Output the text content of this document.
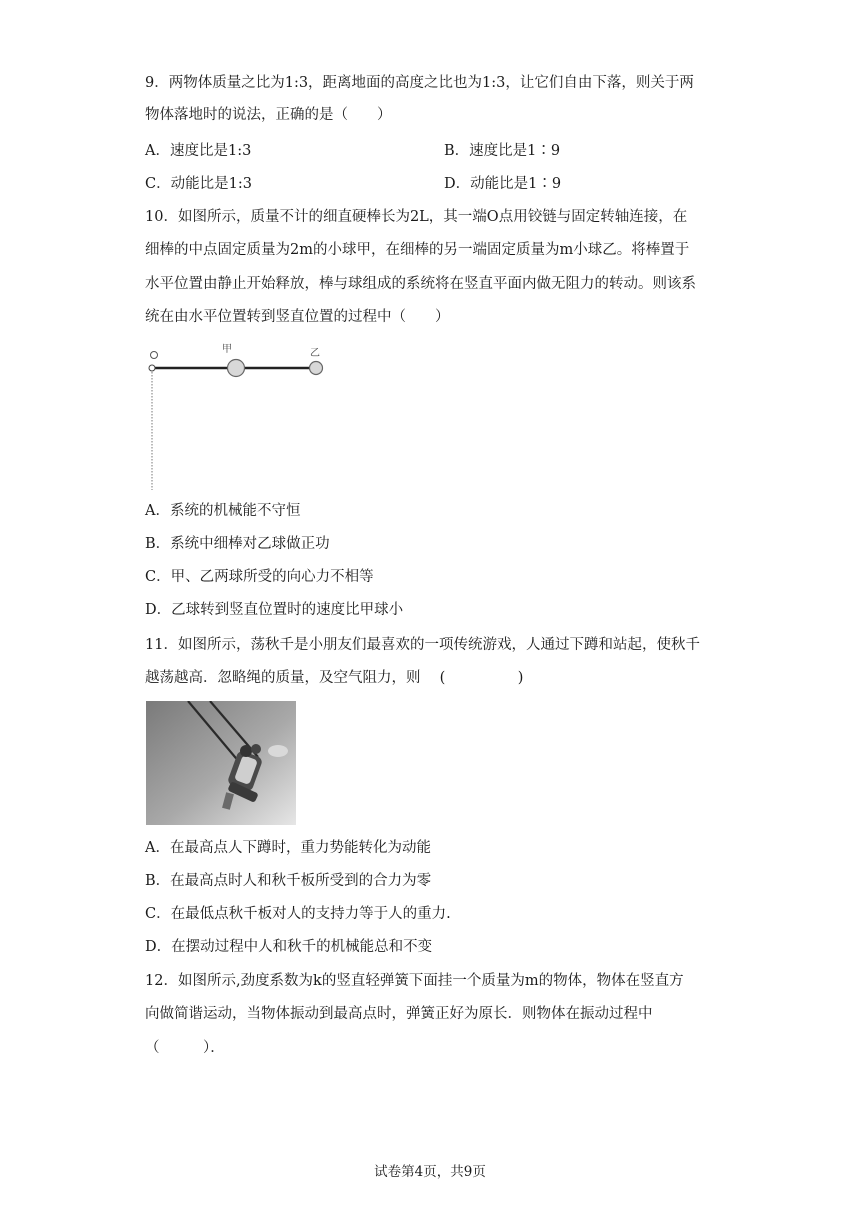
9．两物体质量之比为1:3，距离地面的高度之比也为1:3，让它们自由下落，则关于两
物体落地时的说法，正确的是（　　）
A．速度比是1:3	B．速度比是1∶9
C．动能比是1:3	D．动能比是1∶9
10．如图所示，质量不计的细直硬棒长为2L，其一端O点用铰链与固定转轴连接，在
细棒的中点固定质量为2m的小球甲，在细棒的另一端固定质量为m小球乙。将棒置于
水平位置由静止开始释放，棒与球组成的系统将在竖直平面内做无阻力的转动。则该系
统在由水平位置转到竖直位置的过程中（　　）
甲	乙
A．系统的机械能不守恒
B．系统中细棒对乙球做正功
C．甲、乙两球所受的向心力不相等
D．乙球转到竖直位置时的速度比甲球小
11．如图所示，荡秋千是小朋友们最喜欢的一项传统游戏，人通过下蹲和站起，使秋千
越荡越高．忽略绳的质量，及空气阻力，则　 (　　　　　)
A．在最高点人下蹲时，重力势能转化为动能
B．在最高点时人和秋千板所受到的合力为零
C．在最低点秋千板对人的支持力等于人的重力.
D．在摆动过程中人和秋千的机械能总和不变
12．如图所示,劲度系数为k的竖直轻弹簧下面挂一个质量为m的物体，物体在竖直方
向做简谐运动，当物体振动到最高点时，弹簧正好为原长．则物体在振动过程中
（　　　）．
试卷第4页，共9页
